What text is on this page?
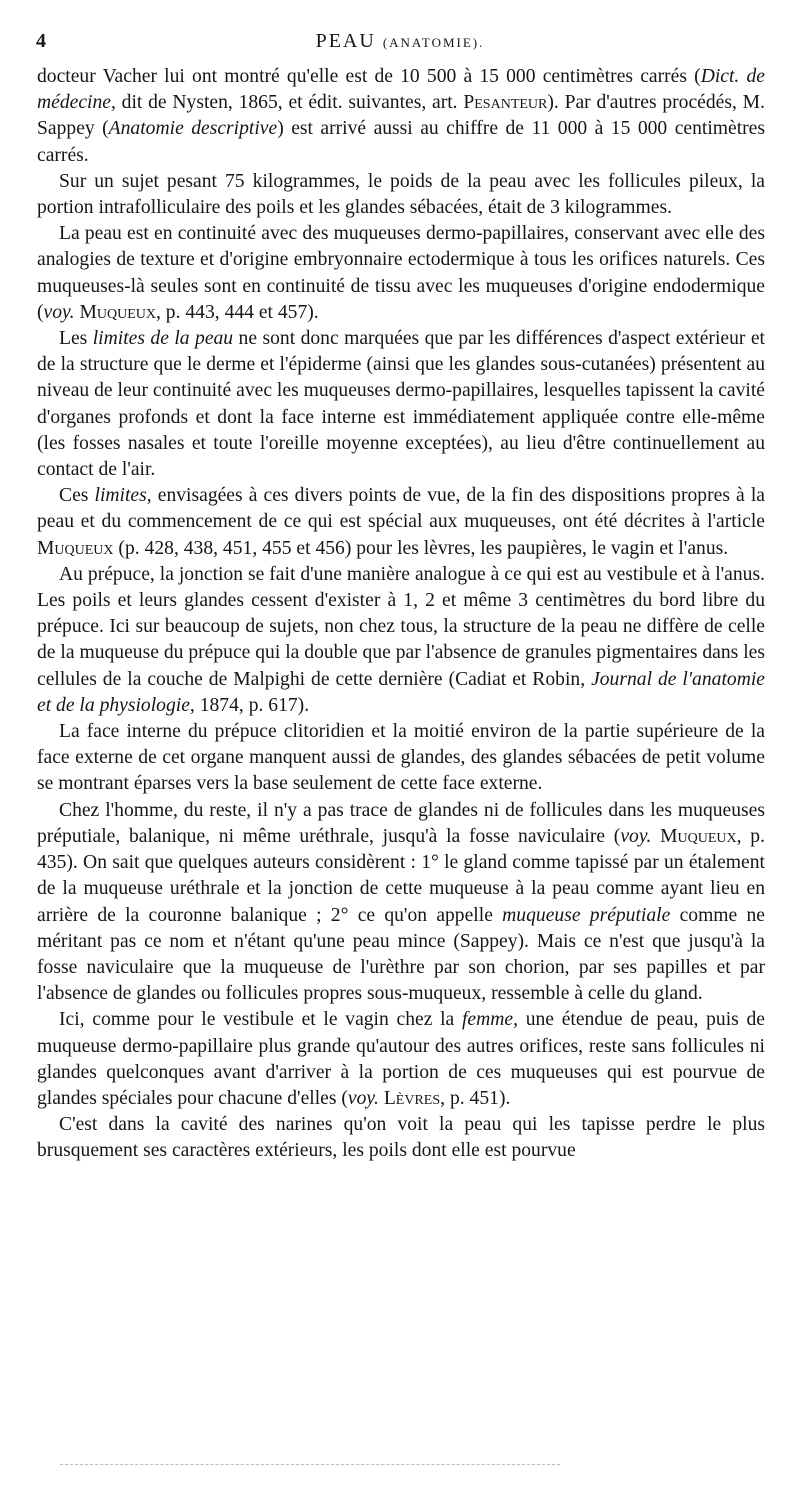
4	PEAU (ANATOMIE).

docteur Vacher lui ont montré qu'elle est de 10 500 à 15 000 centimètres carrés (Dict. de médecine, dit de Nysten, 1865, et édit. suivantes, art. Pesanteur). Par d'autres procédés, M. Sappey (Anatomie descriptive) est arrivé aussi au chiffre de 11 000 à 15 000 centimètres carrés.

Sur un sujet pesant 75 kilogrammes, le poids de la peau avec les follicules pileux, la portion intrafolliculaire des poils et les glandes sébacées, était de 3 kilogrammes.

La peau est en continuité avec des muqueuses dermo-papillaires, conservant avec elle des analogies de texture et d'origine embryonnaire ectodermique à tous les orifices naturels. Ces muqueuses-là seules sont en continuité de tissu avec les muqueuses d'origine endodermique (voy. Muqueux, p. 443, 444 et 457).

Les limites de la peau ne sont donc marquées que par les différences d'aspect extérieur et de la structure que le derme et l'épiderme (ainsi que les glandes sous-cutanées) présentent au niveau de leur continuité avec les muqueuses dermo-papillaires, lesquelles tapissent la cavité d'organes profonds et dont la face interne est immédiatement appliquée contre elle-même (les fosses nasales et toute l'oreille moyenne exceptées), au lieu d'être continuellement au contact de l'air.

Ces limites, envisagées à ces divers points de vue, de la fin des dispositions propres à la peau et du commencement de ce qui est spécial aux muqueuses, ont été décrites à l'article Muqueux (p. 428, 438, 451, 455 et 456) pour les lèvres, les paupières, le vagin et l'anus.

Au prépuce, la jonction se fait d'une manière analogue à ce qui est au vestibule et à l'anus. Les poils et leurs glandes cessent d'exister à 1, 2 et même 3 centimètres du bord libre du prépuce. Ici sur beaucoup de sujets, non chez tous, la structure de la peau ne diffère de celle de la muqueuse du prépuce qui la double que par l'absence de granules pigmentaires dans les cellules de la couche de Malpighi de cette dernière (Cadiat et Robin, Journal de l'anatomie et de la physiologie, 1874, p. 617).

La face interne du prépuce clitoridien et la moitié environ de la partie supérieure de la face externe de cet organe manquent aussi de glandes, des glandes sébacées de petit volume se montrant éparses vers la base seulement de cette face externe.

Chez l'homme, du reste, il n'y a pas trace de glandes ni de follicules dans les muqueuses préputiale, balanique, ni même uréthrale, jusqu'à la fosse naviculaire (voy. Muqueux, p. 435). On sait que quelques auteurs considèrent : 1° le gland comme tapissé par un étalement de la muqueuse uréthrale et la jonction de cette muqueuse à la peau comme ayant lieu en arrière de la couronne balanique ; 2° ce qu'on appelle muqueuse préputiale comme ne méritant pas ce nom et n'étant qu'une peau mince (Sappey). Mais ce n'est que jusqu'à la fosse naviculaire que la muqueuse de l'urèthre par son chorion, par ses papilles et par l'absence de glandes ou follicules propres sous-muqueux, ressemble à celle du gland.

Ici, comme pour le vestibule et le vagin chez la femme, une étendue de peau, puis de muqueuse dermo-papillaire plus grande qu'autour des autres orifices, reste sans follicules ni glandes quelconques avant d'arriver à la portion de ces muqueuses qui est pourvue de glandes spéciales pour chacune d'elles (voy. Lèvres, p. 451).

C'est dans la cavité des narines qu'on voit la peau qui les tapisse perdre le plus brusquement ses caractères extérieurs, les poils dont elle est pourvue
